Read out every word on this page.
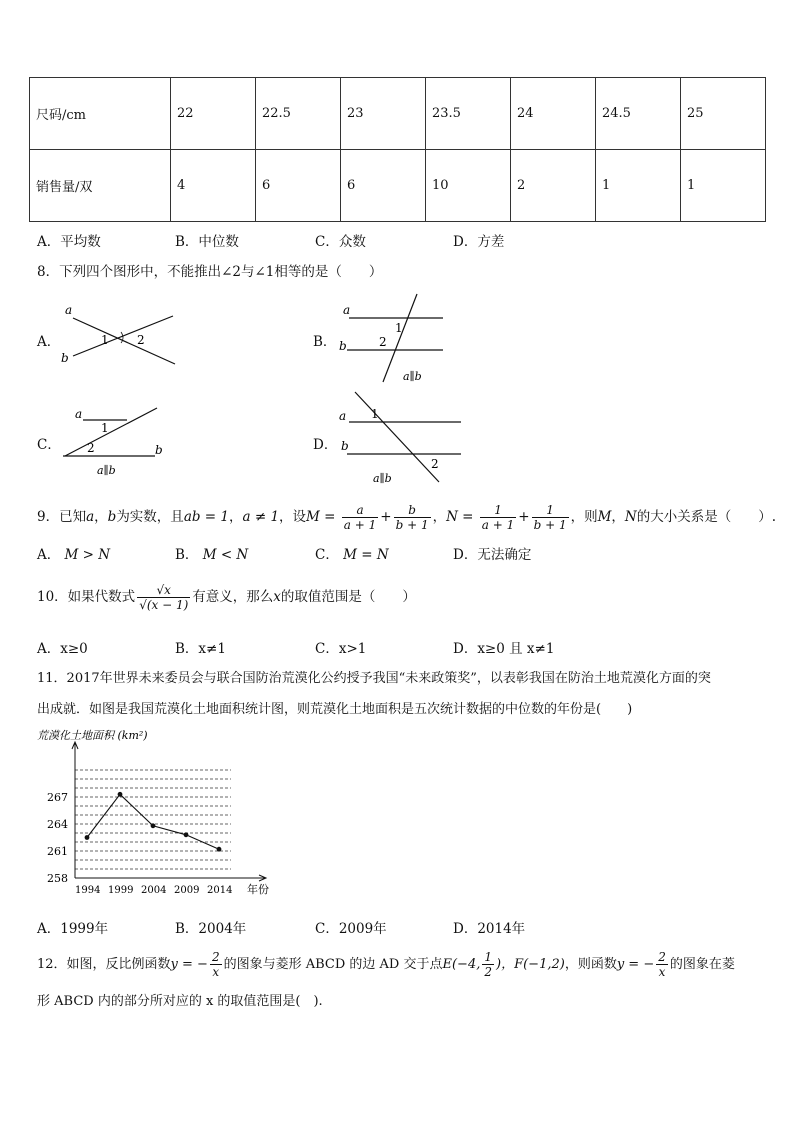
尺码/cm	22	22.5	23	23.5	24	24.5	25
销售量/双	4	6	6	10	2	1	1
A．平均数	B．中位数	C．众数	D．方差
8．下列四个图形中，不能推出∠2与∠1相等的是（　　）
A．
a
b
1 2	B．
a
b
1
2
a∥b
C．
a
b
1
2
a∥b
D．
a
b
1
2
a∥b
9．已知a，b为实数，且ab = 1，a ≠ 1，设$M = \frac{a}{a + 1} + \frac{b}{b + 1}$ ，$N = \frac{1}{a + 1} + \frac{1}{b + 1}$ ，则M，N的大小关系是（　　）.
A． M > N	B． M < N	C． M = N	D．无法确定
10．如果代数式 $\frac{√x}{√(x - 1)}$ 有意义，那么x的取值范围是（　　）
A．x≥0	B．x≠1	C．x>1	D．x≥0 且 x≠1
11．2017年世界未来委员会与联合国防治荒漠化公约授予我国“未来政策奖”，以表彰我国在防治土地荒漠化方面的突
出成就．如图是我国荒漠化土地面积统计图，则荒漠化土地面积是五次统计数据的中位数的年份是(　　)
荒漠化土地面积 (km²)
年份
258
261
264
267
1994 1999 2004 2009 2014
A．1999年	B．2004年	C．2009年	D．2014年
12．如图，反比例函数y = − $\frac{2}{x}$ 的图象与菱形 ABCD 的边 AD 交于点E(−4, $\frac{1}{2}$ )，F(−1,2)，则函数y = − $\frac{2}{x}$ 的图象在菱
形 ABCD 内的部分所对应的 x 的取值范围是(　).
